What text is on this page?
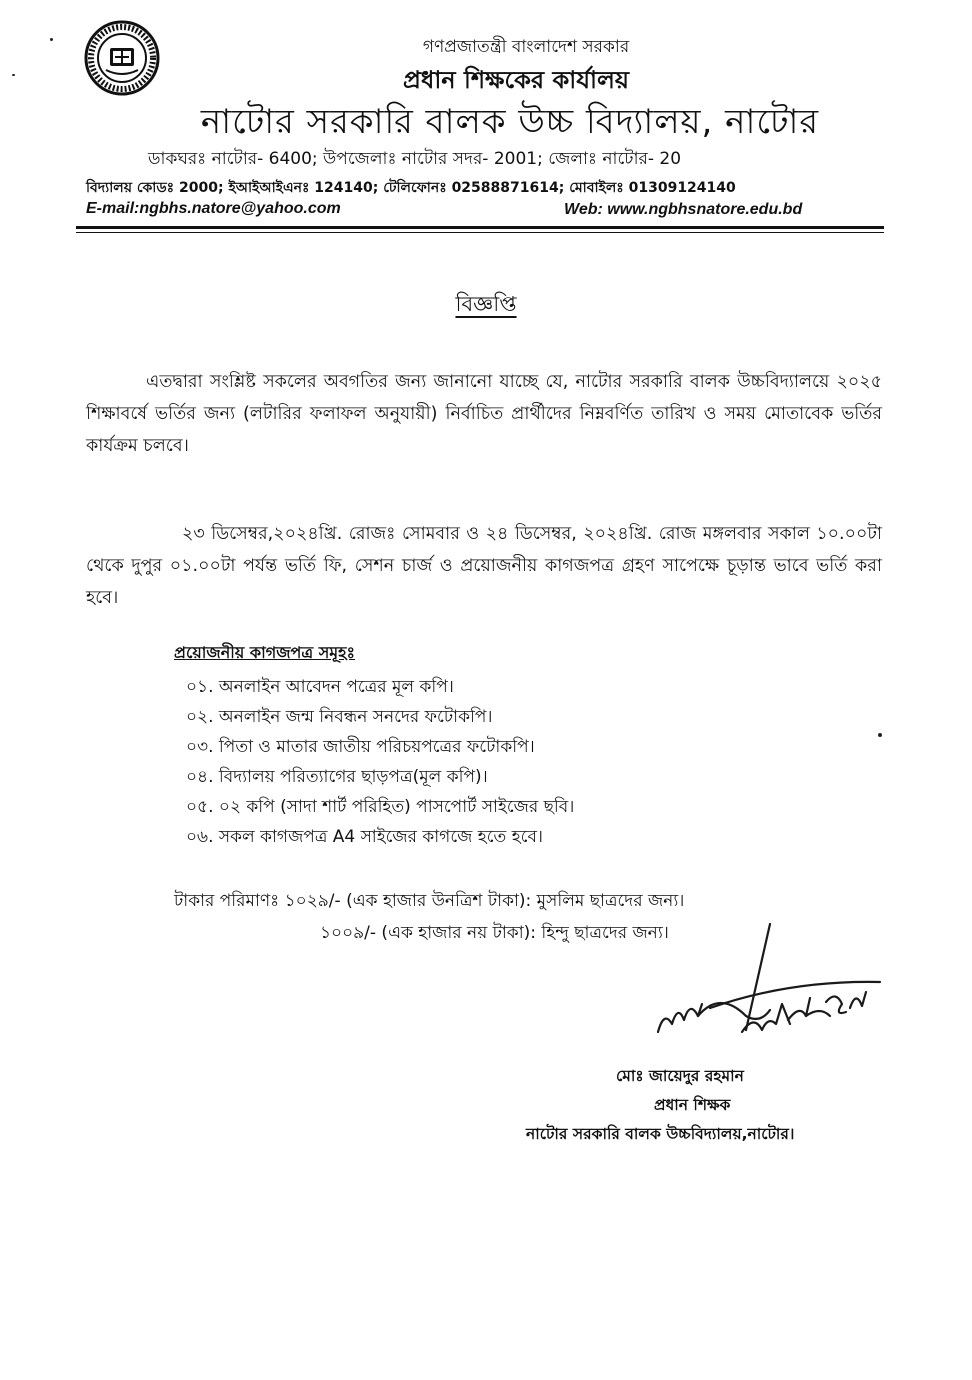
গণপ্রজাতন্ত্রী বাংলাদেশ সরকার
প্রধান শিক্ষকের কার্যালয়
নাটোর সরকারি বালক উচ্চ বিদ্যালয়, নাটোর
ডাকঘরঃ নাটোর- 6400; উপজেলাঃ নাটোর সদর- 2001; জেলাঃ নাটোর- 20
বিদ্যালয় কোডঃ 2000; ইআইআইএনঃ 124140; টেলিফোনঃ 02588871614; মোবাইলঃ 01309124140
E-mail:ngbhs.natore@yahoo.com	Web: www.ngbhsnatore.edu.bd
বিজ্ঞপ্তি
এতদ্বারা সংশ্লিষ্ট সকলের অবগতির জন্য জানানো যাচ্ছে যে, নাটোর সরকারি বালক উচ্চবিদ্যালয়ে ২০২৫ শিক্ষাবর্ষে ভর্তির জন্য (লটারির ফলাফল অনুযায়ী) নির্বাচিত প্রার্থীদের নিম্নবর্ণিত তারিখ ও সময় মোতাবেক ভর্তির কার্যক্রম চলবে।
২৩ ডিসেম্বর,২০২৪খ্রি. রোজঃ সোমবার ও ২৪ ডিসেম্বর, ২০২৪খ্রি. রোজ মঙ্গলবার সকাল ১০.০০টা থেকে দুপুর ০১.০০টা পর্যন্ত ভর্তি ফি, সেশন চার্জ ও প্রয়োজনীয় কাগজপত্র গ্রহণ সাপেক্ষে চূড়ান্ত ভাবে ভর্তি করা হবে।
প্রয়োজনীয় কাগজপত্র সমূহঃ
০১. অনলাইন আবেদন পত্রের মূল কপি।
০২. অনলাইন জন্ম নিবন্ধন সনদের ফটোকপি।
০৩. পিতা ও মাতার জাতীয় পরিচয়পত্রের ফটোকপি।
০৪. বিদ্যালয় পরিত্যাগের ছাড়পত্র(মূল কপি)।
০৫. ০২ কপি (সাদা শার্ট পরিহিত) পাসপোর্ট সাইজের ছবি।
০৬. সকল কাগজপত্র A4 সাইজের কাগজে হতে হবে।
টাকার পরিমাণঃ ১০২৯/- (এক হাজার উনত্রিশ টাকা): মুসলিম ছাত্রদের জন্য।
১০০৯/- (এক হাজার নয় টাকা): হিন্দু ছাত্রদের জন্য।
মোঃ জায়েদুর রহমান
প্রধান শিক্ষক
নাটোর সরকারি বালক উচ্চবিদ্যালয়,নাটোর।
